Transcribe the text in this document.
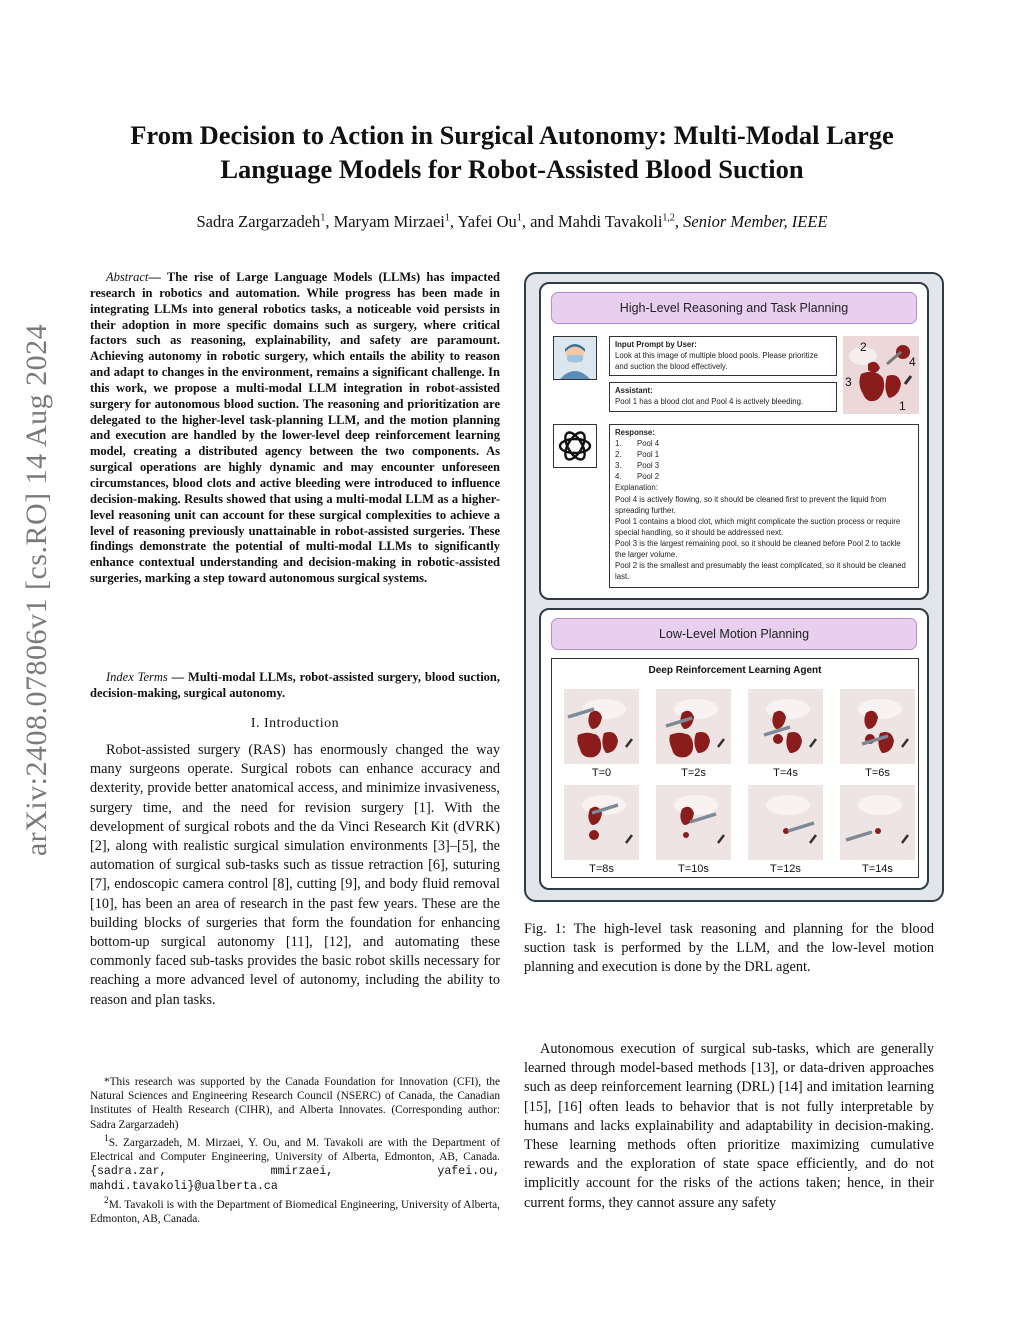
arXiv:2408.07806v1 [cs.RO] 14 Aug 2024
From Decision to Action in Surgical Autonomy: Multi-Modal Large Language Models for Robot-Assisted Blood Suction
Sadra Zargarzadeh$^1$, Maryam Mirzaei$^1$, Yafei Ou$^1$, and Mahdi Tavakoli$^{1,2}$, Senior Member, IEEE
Abstract— The rise of Large Language Models (LLMs) has impacted research in robotics and automation. While progress has been made in integrating LLMs into general robotics tasks, a noticeable void persists in their adoption in more specific domains such as surgery, where critical factors such as reasoning, explainability, and safety are paramount. Achieving autonomy in robotic surgery, which entails the ability to reason and adapt to changes in the environment, remains a significant challenge. In this work, we propose a multi-modal LLM integration in robot-assisted surgery for autonomous blood suction. The reasoning and prioritization are delegated to the higher-level task-planning LLM, and the motion planning and execution are handled by the lower-level deep reinforcement learning model, creating a distributed agency between the two components. As surgical operations are highly dynamic and may encounter unforeseen circumstances, blood clots and active bleeding were introduced to influence decision-making. Results showed that using a multi-modal LLM as a higher-level reasoning unit can account for these surgical complexities to achieve a level of reasoning previously unattainable in robot-assisted surgeries. These findings demonstrate the potential of multi-modal LLMs to significantly enhance contextual understanding and decision-making in robotic-assisted surgeries, marking a step toward autonomous surgical systems.
Index Terms — Multi-modal LLMs, robot-assisted surgery, blood suction, decision-making, surgical autonomy.
I. Introduction
Robot-assisted surgery (RAS) has enormously changed the way many surgeons operate. Surgical robots can enhance accuracy and dexterity, provide better anatomical access, and minimize invasiveness, surgery time, and the need for revision surgery [1]. With the development of surgical robots and the da Vinci Research Kit (dVRK) [2], along with realistic surgical simulation environments [3]–[5], the automation of surgical sub-tasks such as tissue retraction [6], suturing [7], endoscopic camera control [8], cutting [9], and body fluid removal [10], has been an area of research in the past few years. These are the building blocks of surgeries that form the foundation for enhancing bottom-up surgical autonomy [11], [12], and automating these commonly faced sub-tasks provides the basic robot skills necessary for reaching a more advanced level of autonomy, including the ability to reason and plan tasks.

*This research was supported by the Canada Foundation for Innovation (CFI), the Natural Sciences and Engineering Research Council (NSERC) of Canada, the Canadian Institutes of Health Research (CIHR), and Alberta Innovates. (Corresponding author: Sadra Zargarzadeh)

$^1$S. Zargarzadeh, M. Mirzaei, Y. Ou, and M. Tavakoli are with the Department of Electrical and Computer Engineering, University of Alberta, Edmonton, AB, Canada. {sadra.zar, mmirzaei, yafei.ou, mahdi.tavakoli}@ualberta.ca

$^2$M. Tavakoli is with the Department of Biomedical Engineering, University of Alberta, Edmonton, AB, Canada.

High-Level Reasoning and Task Planning
Input Prompt by User:
Look at this image of multiple blood pools. Please prioritize and suction the blood effectively.
Assistant:
Pool 1 has a blood clot and Pool 4 is actively bleeding.
2
4
3
1
Response:
1. Pool 4
2. Pool 1
3. Pool 3
4. Pool 2
Explanation:
Pool 4 is actively flowing, so it should be cleaned first to prevent the liquid from spreading further.
Pool 1 contains a blood clot, which might complicate the suction process or require special handling, so it should be addressed next.
Pool 3 is the largest remaining pool, so it should be cleaned before Pool 2 to tackle the larger volume.
Pool 2 is the smallest and presumably the least complicated, so it should be cleaned last.
Low-Level Motion Planning
Deep Reinforcement Learning Agent
T=0	T=2s	T=4s	T=6s
T=8s	T=10s	T=12s	T=14s
Fig. 1: The high-level task reasoning and planning for the blood suction task is performed by the LLM, and the low-level motion planning and execution is done by the DRL agent.
Autonomous execution of surgical sub-tasks, which are generally learned through model-based methods [13], or data-driven approaches such as deep reinforcement learning (DRL) [14] and imitation learning [15], [16] often leads to behavior that is not fully interpretable by humans and lacks explainability and adaptability in decision-making. These learning methods often prioritize maximizing cumulative rewards and the exploration of state space efficiently, and do not implicitly account for the risks of the actions taken; hence, in their current forms, they cannot assure any safety
